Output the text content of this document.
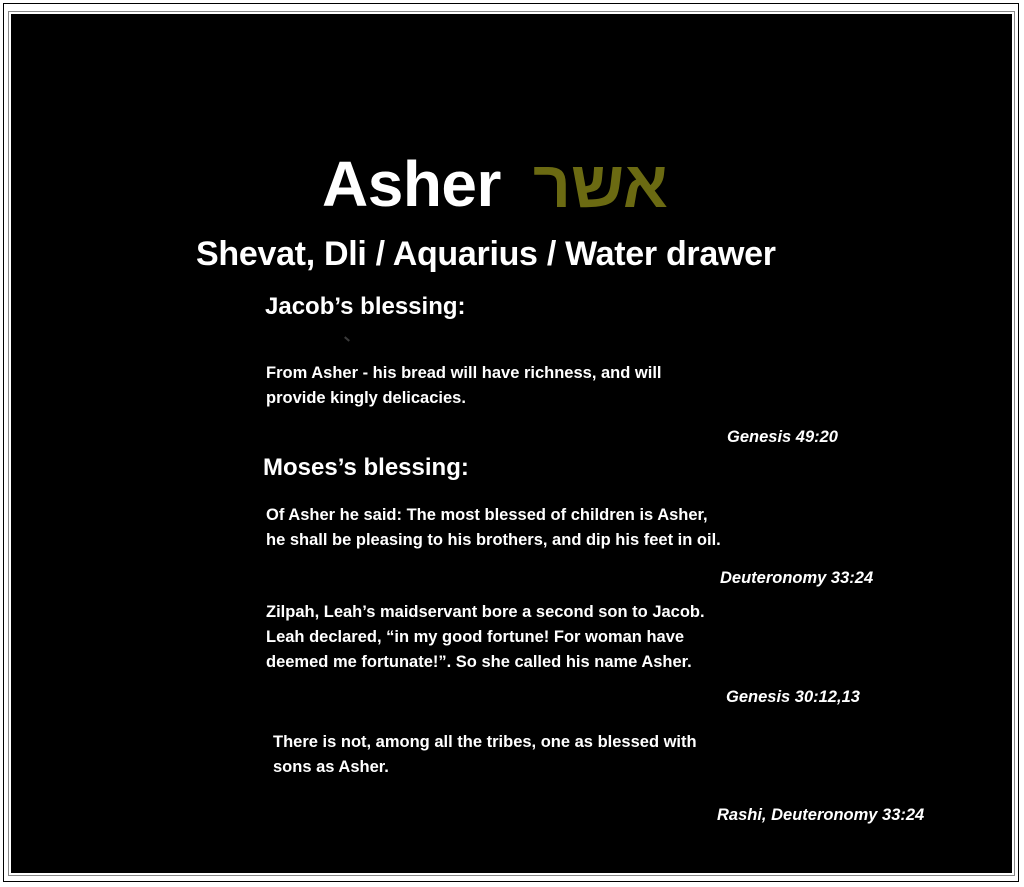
Asher אשר
Shevat, Dli / Aquarius / Water drawer
Jacob’s blessing:
From Asher - his bread will have richness, and will
provide kingly delicacies.
Genesis 49:20
Moses’s blessing:
Of Asher he said: The most blessed of children is Asher,
he shall be pleasing to his brothers, and dip his feet in oil.
Deuteronomy 33:24
Zilpah, Leah’s maidservant bore a second son to Jacob.
Leah declared, “in my good fortune! For woman have
deemed me fortunate!”. So she called his name Asher.
Genesis 30:12,13
There is not, among all the tribes, one as blessed with
sons as Asher.
Rashi, Deuteronomy 33:24
